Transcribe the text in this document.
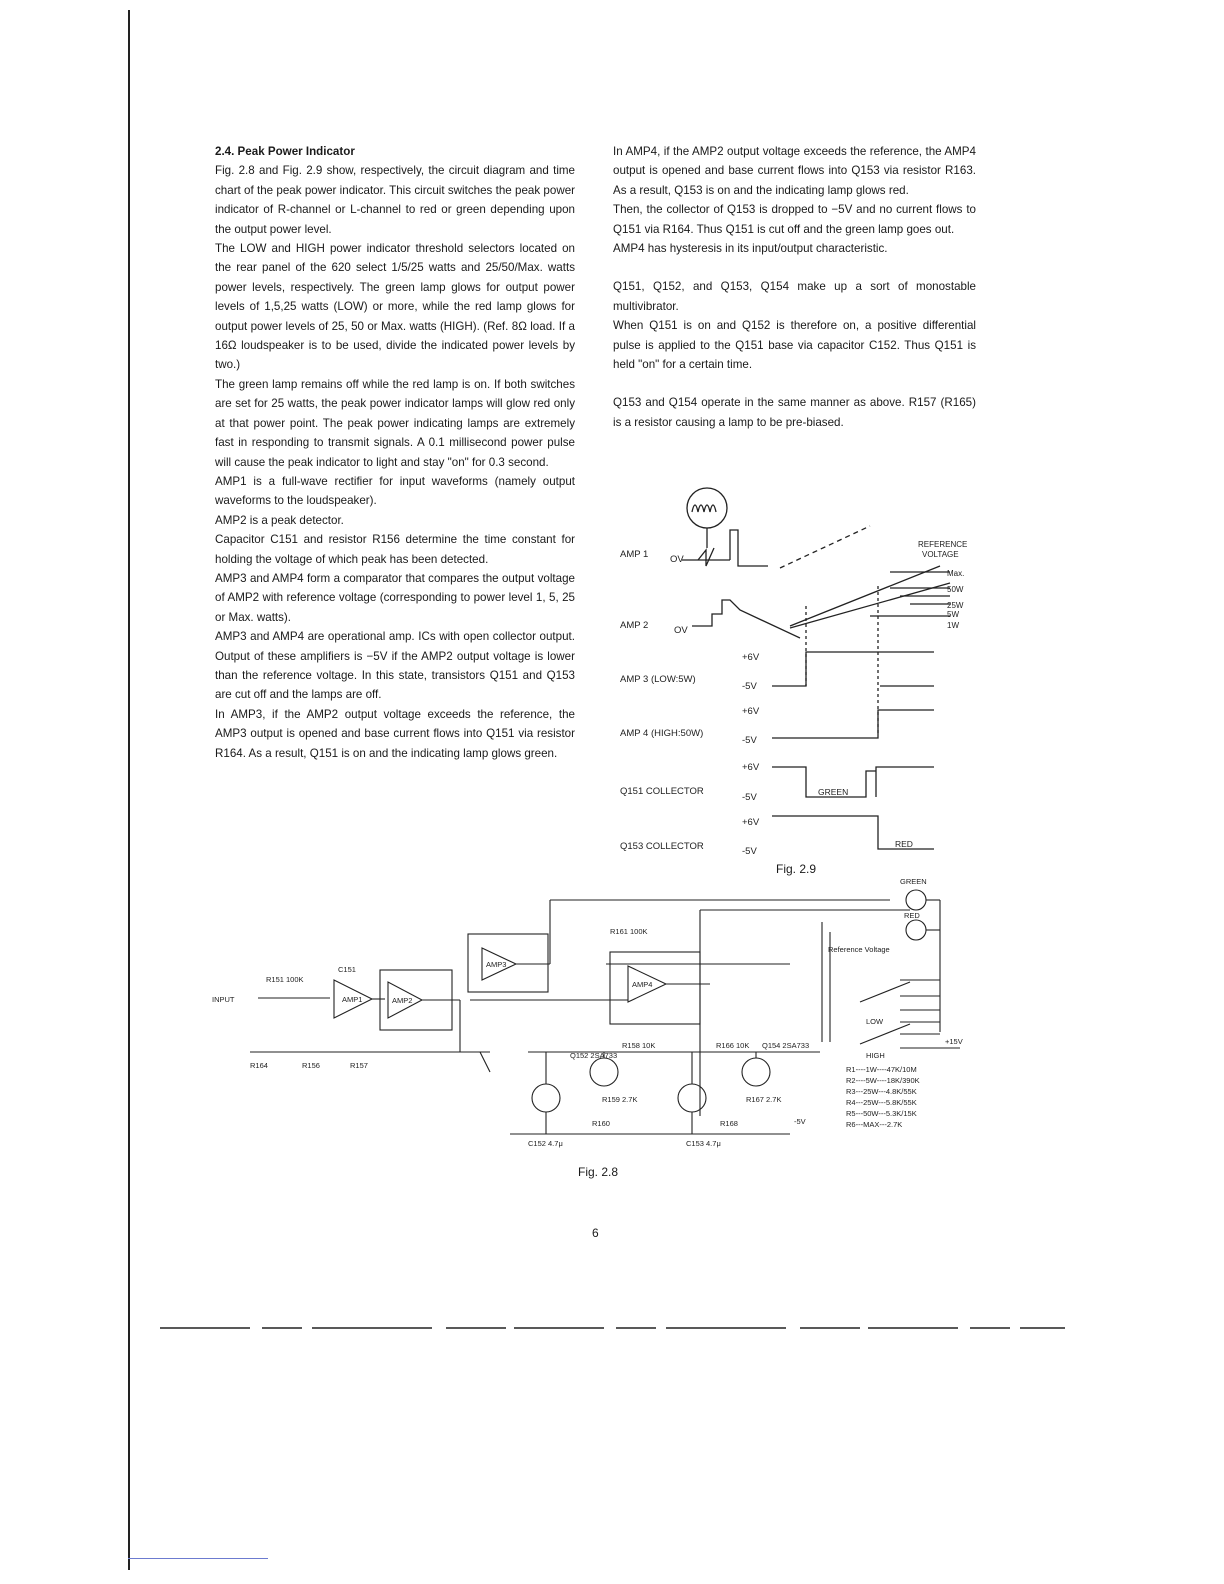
2.4. Peak Power Indicator

Fig. 2.8 and Fig. 2.9 show, respectively, the circuit diagram and time chart of the peak power indicator. This circuit switches the peak power indicator of R-channel or L-channel to red or green depending upon the output power level.

The LOW and HIGH power indicator threshold selectors located on the rear panel of the 620 select 1/5/25 watts and 25/50/Max. watts power levels, respectively. The green lamp glows for output power levels of 1,5,25 watts (LOW) or more, while the red lamp glows for output power levels of 25, 50 or Max. watts (HIGH). (Ref. 8Ω load. If a 16Ω loudspeaker is to be used, divide the indicated power levels by two.)

The green lamp remains off while the red lamp is on. If both switches are set for 25 watts, the peak power indicator lamps will glow red only at that power point. The peak power indicating lamps are extremely fast in responding to transmit signals. A 0.1 millisecond power pulse will cause the peak indicator to light and stay "on" for 0.3 second.

AMP1 is a full-wave rectifier for input waveforms (namely output waveforms to the loudspeaker).

AMP2 is a peak detector.

Capacitor C151 and resistor R156 determine the time constant for holding the voltage of which peak has been detected.

AMP3 and AMP4 form a comparator that compares the output voltage of AMP2 with reference voltage (corresponding to power level 1, 5, 25 or Max. watts).

AMP3 and AMP4 are operational amp. ICs with open collector output. Output of these amplifiers is −5V if the AMP2 output voltage is lower than the reference voltage. In this state, transistors Q151 and Q153 are cut off and the lamps are off.

In AMP3, if the AMP2 output voltage exceeds the reference, the AMP3 output is opened and base current flows into Q151 via resistor R164. As a result, Q151 is on and the indicating lamp glows green.

In AMP4, if the AMP2 output voltage exceeds the reference, the AMP4 output is opened and base current flows into Q153 via resistor R163. As a result, Q153 is on and the indicating lamp glows red.

Then, the collector of Q153 is dropped to −5V and no current flows to Q151 via R164. Thus Q151 is cut off and the green lamp goes out.

AMP4 has hysteresis in its input/output characteristic.

Q151, Q152, and Q153, Q154 make up a sort of monostable multivibrator.

When Q151 is on and Q152 is therefore on, a positive differential pulse is applied to the Q151 base via capacitor C152. Thus Q151 is held "on" for a certain time.

Q153 and Q154 operate in the same manner as above. R157 (R165) is a resistor causing a lamp to be pre-biased.

AMP 1 OV
AMP 2	OV
+6V
AMP 3 (LOW:5W)
-5V
+6V
AMP 4 (HIGH:50W)
-5V
+6V
Q151 COLLECTOR
-5V
+6V
Q153 COLLECTOR	-5V
GREEN
RED
REFERENCE
VOLTAGE
Max.
50W
25W
5W
1W
Fig. 2.9
INPUT	AMP1	AMP2
AMP3
AMP4
GREEN
RED
Reference Voltage
LOW
HIGH
+15V
-5V
R151 100K
C151
R156
R161 100K
R164	R157
C152 4.7μ	C153 4.7μ
R158 10K	R166 10K
Q152 2SA733
Q154 2SA733
R159 2.7K	R167 2.7K
R160	R168
R1----1W----47K/10M
R2----5W----18K/390K
R3---25W---4.8K/55K
R4---25W---5.8K/55K
R5---50W---5.3K/15K
R6---MAX---2.7K
Fig. 2.8
6
